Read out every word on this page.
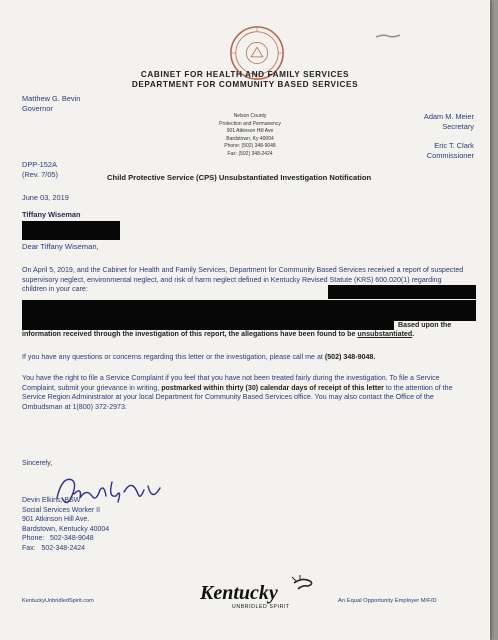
CABINET FOR HEALTH AND FAMILY SERVICES
DEPARTMENT FOR COMMUNITY BASED SERVICES
Matthew G. Bevin
Governor
Nelson County
Protection and Permanency
901 Atkinson Hill Ave
Bardstown, Ky 40004
Phone: (502) 348-9048
Fax: (502) 348-2424
Adam M. Meier
Secretary
Eric T. Clark
Commissioner
DPP-152A
(Rev. 7/05)	Child Protective Service (CPS) Unsubstantiated Investigation Notification
June 03, 2019
Tiffany Wiseman
Dear Tiffany Wiseman,
On April 5, 2019, and the Cabinet for Health and Family Services, Department for Community Based Services received a report of suspected supervisory neglect, environmental neglect, and risk of harm neglect defined in Kentucky Revised Statute (KRS) 600.020(1) regarding children in your care:
Based upon the
information received through the investigation of this report, the allegations have been found to be unsubstantiated.
If you have any questions or concerns regarding this letter or the investigation, please call me at (502) 348-9048.
You have the right to file a Service Complaint if you feel that you have not been treated fairly during the investigation. To file a Service Complaint, submit your grievance in writing, postmarked within thirty (30) calendar days of receipt of this letter to the attention of the Service Region Administrator at your local Department for Community Based Services office. You may also contact the Office of the Ombudsman at 1(800) 372-2973.
Sincerely,
Devin Elkins, BSW
Social Services Worker II
901 Atkinson Hill Ave.
Bardstown, Kentucky 40004
Phone:   502-348-9048
Fax:   502-348-2424
KentuckyUnbridledSpirit.com	Kentucky
UNBRIDLED SPIRIT
An Equal Opportunity Employer M/F/D
